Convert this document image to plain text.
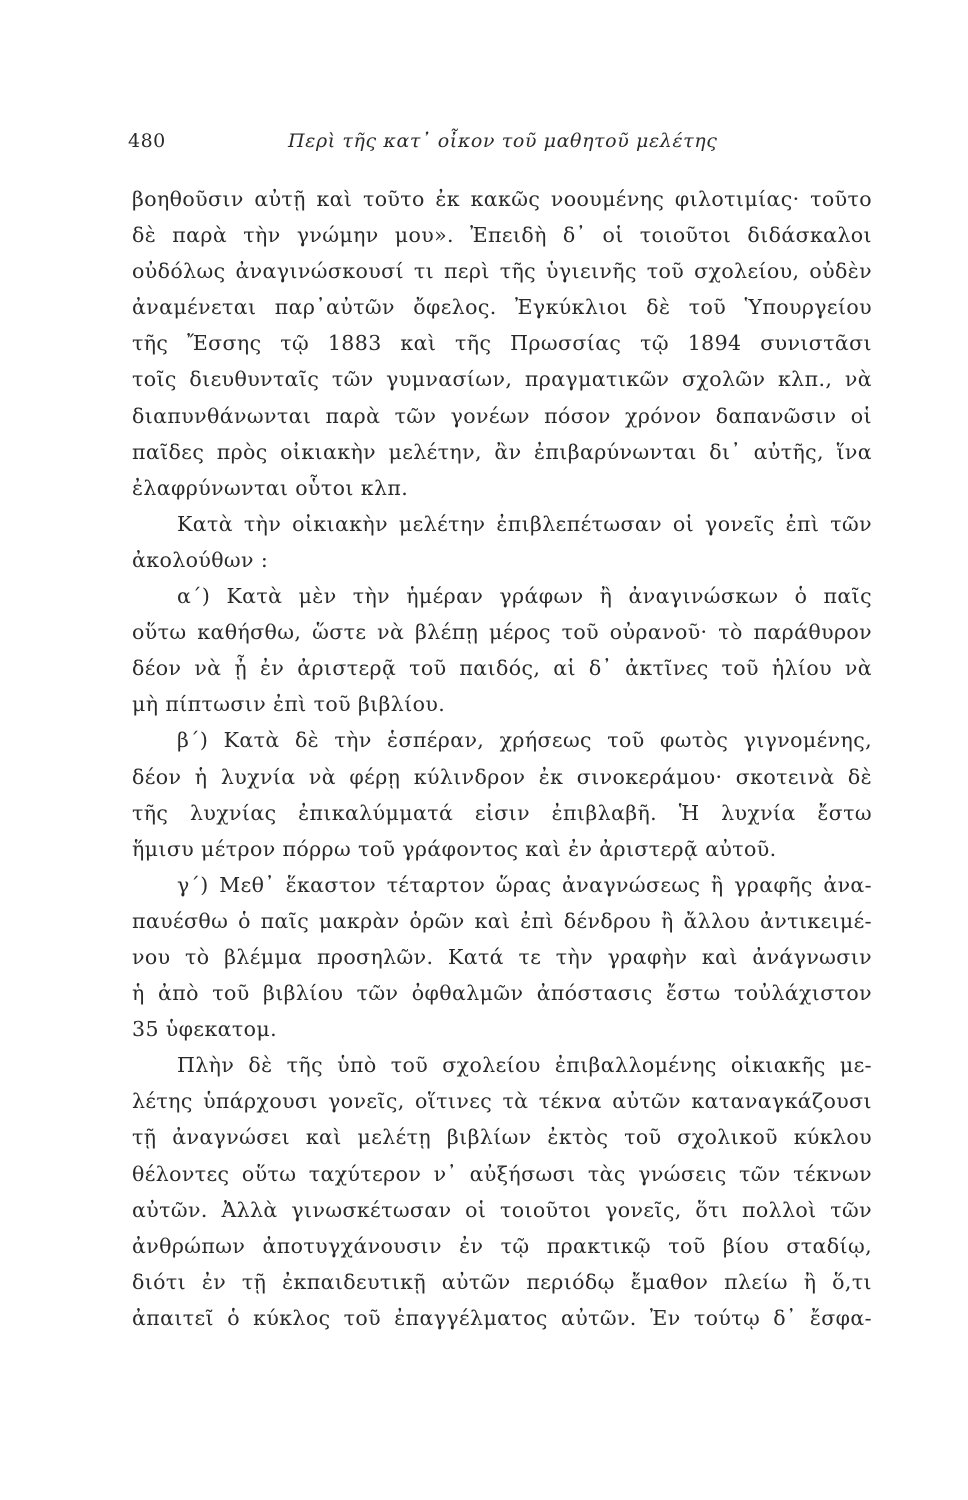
480	Περὶ τῆς κατ᾽ οἶκον τοῦ μαθητοῦ μελέτης
βοηθοῦσιν αὐτῇ καὶ τοῦτο ἐκ κακῶς νοουμένης φιλοτιμίας· τοῦτο
δὲ παρὰ τὴν γνώμην μου». Ἐπειδὴ δ᾽ οἱ τοιοῦτοι διδάσκαλοι
οὐδόλως ἀναγινώσκουσί τι περὶ τῆς ὑγιεινῆς τοῦ σχολείου, οὐδὲν
ἀναμένεται παρ᾽αὐτῶν ὄφελος. Ἐγκύκλιοι δὲ τοῦ Ὑπουργείου
τῆς Ἔσσης τῷ 1883 καὶ τῆς Πρωσσίας τῷ 1894 συνιστᾶσι
τοῖς διευθυνταῖς τῶν γυμνασίων, πραγματικῶν σχολῶν κλπ., νὰ
διαπυνθάνωνται παρὰ τῶν γονέων πόσον χρόνον δαπανῶσιν οἱ
παῖδες πρὸς οἰκιακὴν μελέτην, ἂν ἐπιβαρύνωνται δι᾽ αὐτῆς, ἵνα
ἐλαφρύνωνται οὗτοι κλπ.
Κατὰ τὴν οἰκιακὴν μελέτην ἐπιβλεπέτωσαν οἱ γονεῖς ἐπὶ τῶν
ἀκολούθων :
α΄) Κατὰ μὲν τὴν ἡμέραν γράφων ἢ ἀναγινώσκων ὁ παῖς
οὕτω καθήσθω, ὥστε νὰ βλέπῃ μέρος τοῦ οὐρανοῦ· τὸ παράθυρον
δέον νὰ ᾖ ἐν ἀριστερᾷ τοῦ παιδός, αἱ δ᾽ ἀκτῖνες τοῦ ἡλίου νὰ
μὴ πίπτωσιν ἐπὶ τοῦ βιβλίου.
β΄) Κατὰ δὲ τὴν ἑσπέραν, χρήσεως τοῦ φωτὸς γιγνομένης,
δέον ἡ λυχνία νὰ φέρῃ κύλινδρον ἐκ σινοκεράμου· σκοτεινὰ δὲ
τῆς λυχνίας ἐπικαλύμματά εἰσιν ἐπιβλαβῆ. Ἡ λυχνία ἔστω
ἥμισυ μέτρον πόρρω τοῦ γράφοντος καὶ ἐν ἀριστερᾷ αὐτοῦ.
γ΄) Μεθ᾽ ἕκαστον τέταρτον ὥρας ἀναγνώσεως ἢ γραφῆς ἀνα-
παυέσθω ὁ παῖς μακρὰν ὁρῶν καὶ ἐπὶ δένδρου ἢ ἄλλου ἀντικειμέ-
νου τὸ βλέμμα προσηλῶν. Κατά τε τὴν γραφὴν καὶ ἀνάγνωσιν
ἡ ἀπὸ τοῦ βιβλίου τῶν ὀφθαλμῶν ἀπόστασις ἔστω τοὐλάχιστον
35 ὑφεκατομ.
Πλὴν δὲ τῆς ὑπὸ τοῦ σχολείου ἐπιβαλλομένης οἰκιακῆς με-
λέτης ὑπάρχουσι γονεῖς, οἵτινες τὰ τέκνα αὐτῶν καταναγκάζουσι
τῇ ἀναγνώσει καὶ μελέτῃ βιβλίων ἐκτὸς τοῦ σχολικοῦ κύκλου
θέλοντες οὕτω ταχύτερον ν᾽ αὐξήσωσι τὰς γνώσεις τῶν τέκνων
αὐτῶν. Ἀλλὰ γινωσκέτωσαν οἱ τοιοῦτοι γονεῖς, ὅτι πολλοὶ τῶν
ἀνθρώπων ἀποτυγχάνουσιν ἐν τῷ πρακτικῷ τοῦ βίου σταδίῳ,
διότι ἐν τῇ ἐκπαιδευτικῇ αὐτῶν περιόδῳ ἔμαθον πλείω ἢ ὅ,τι
ἀπαιτεῖ ὁ κύκλος τοῦ ἐπαγγέλματος αὐτῶν. Ἐν τούτῳ δ᾽ ἔσφα-
